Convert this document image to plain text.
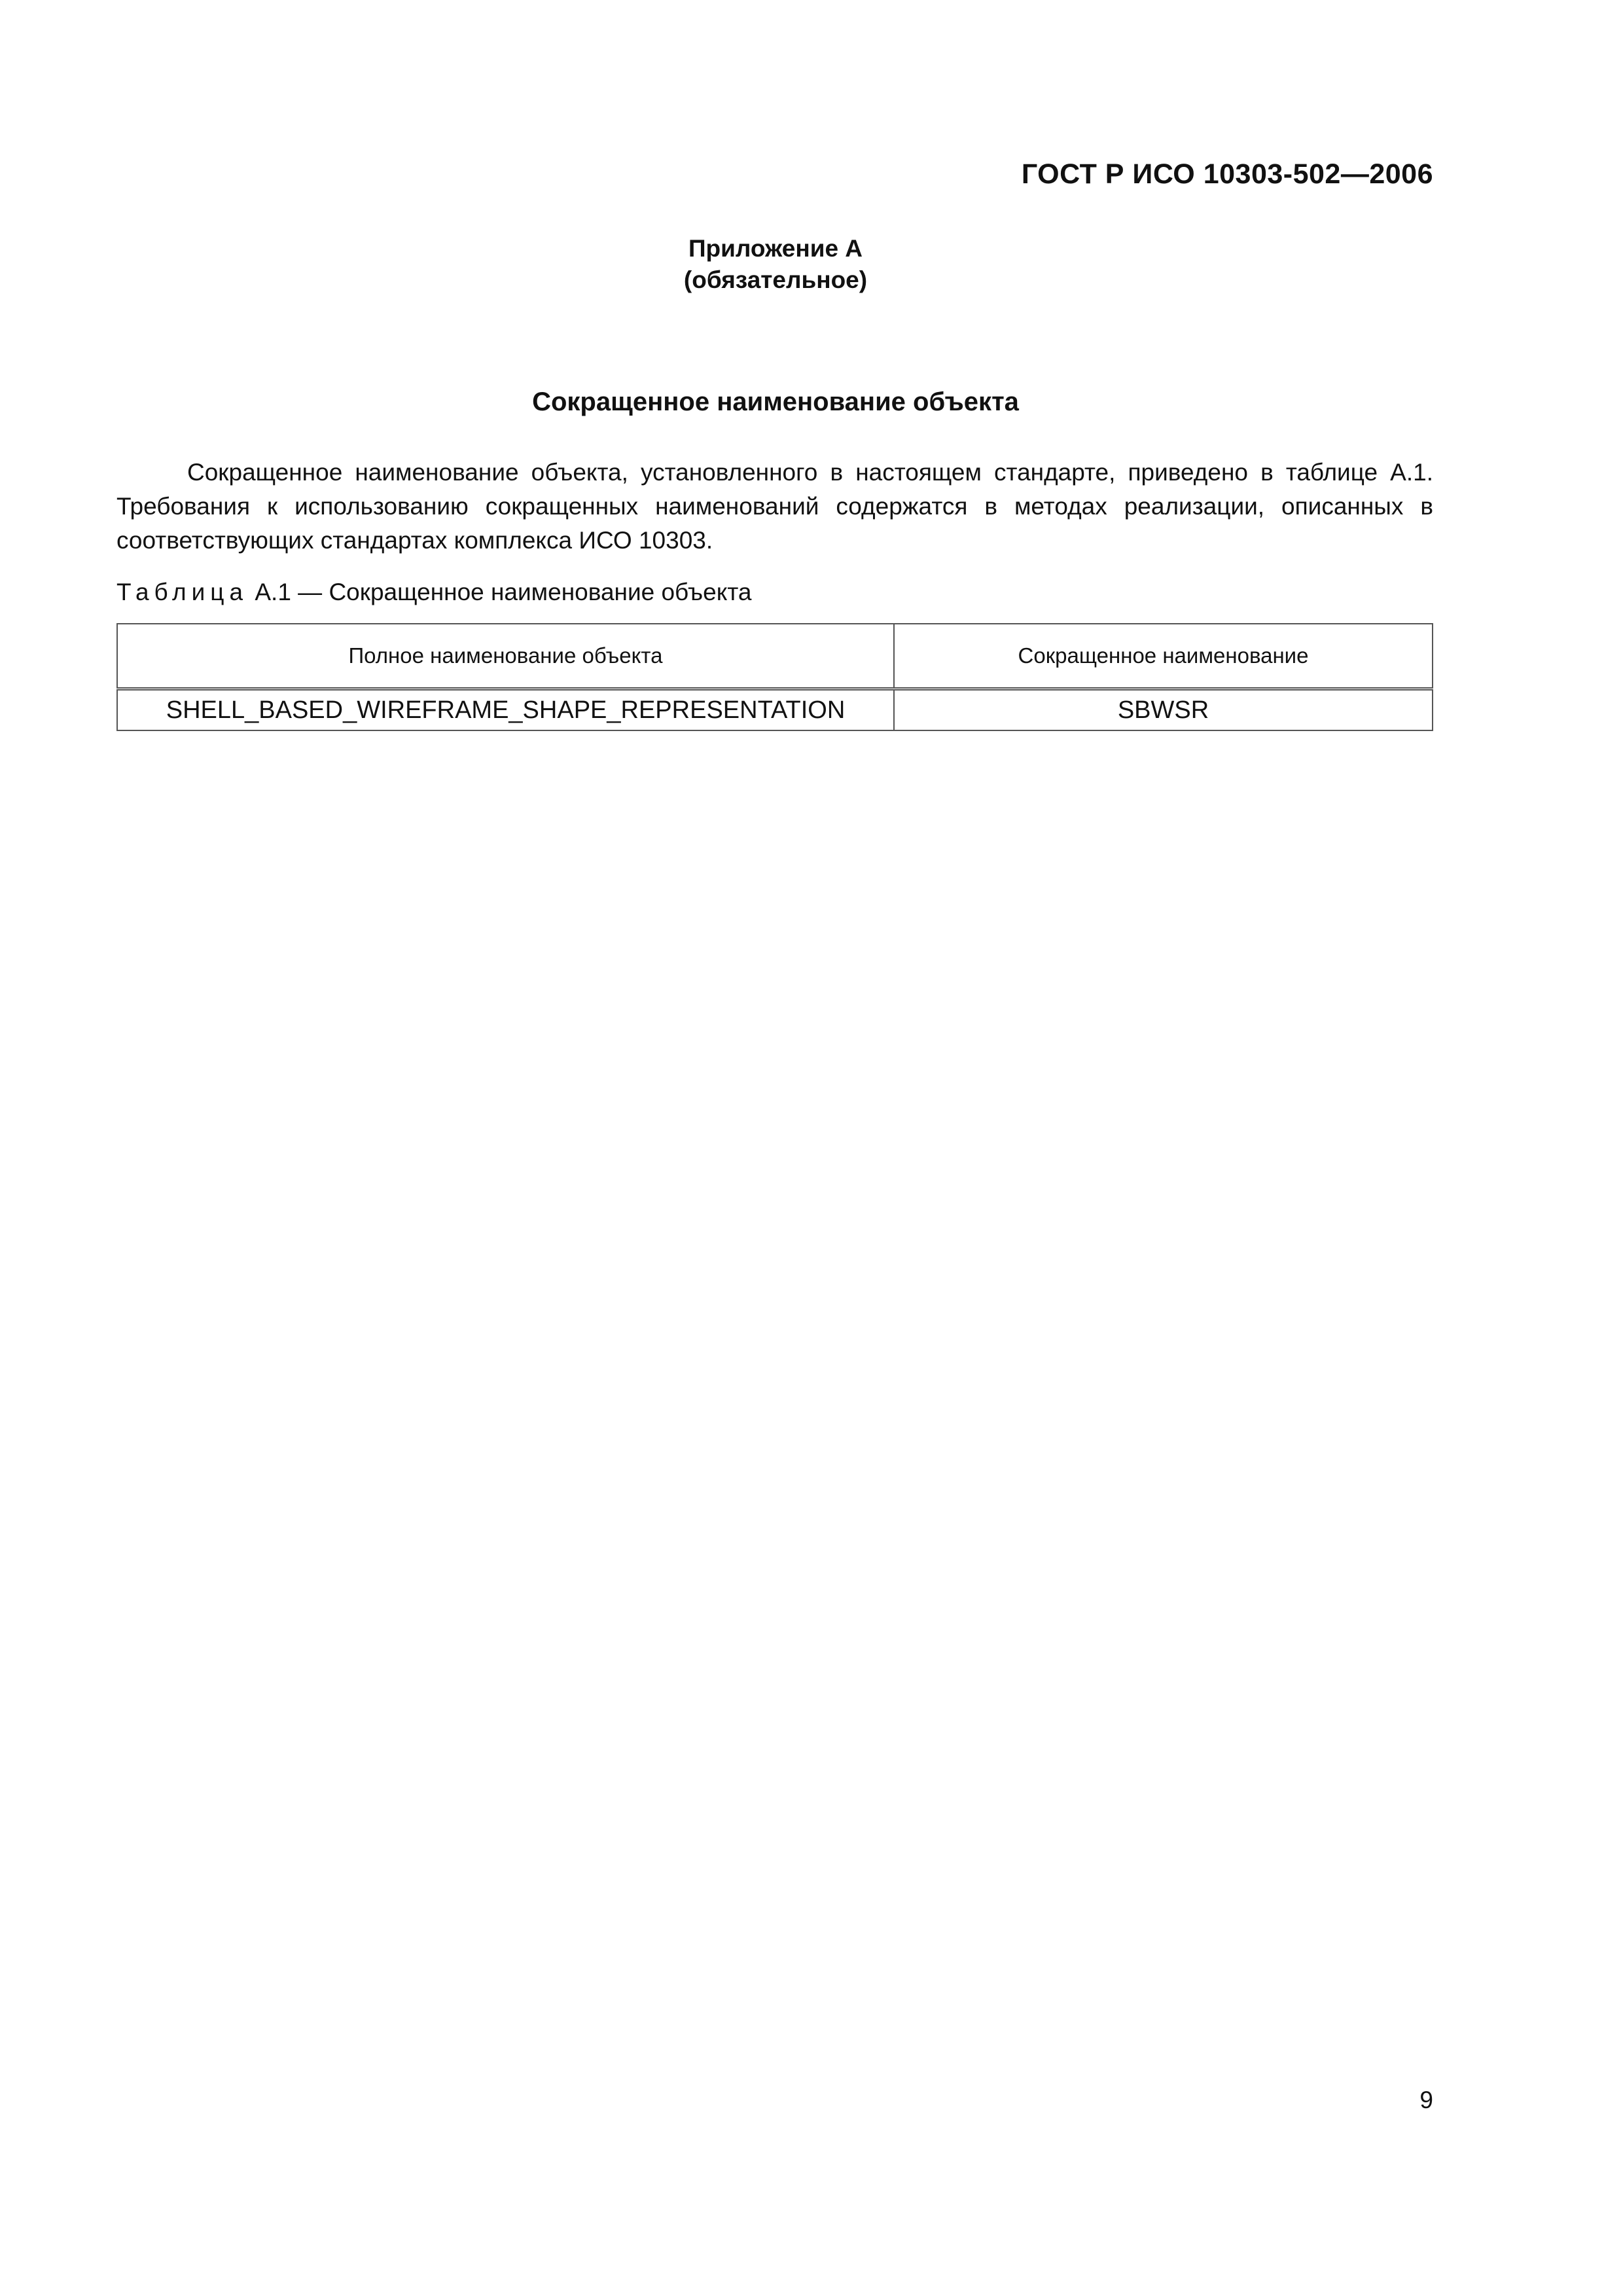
ГОСТ Р ИСО 10303-502—2006
Приложение А
(обязательное)
Сокращенное наименование объекта

Сокращенное наименование объекта, установленного в настоящем стандарте, приведено в таблице А.1. Требования к использованию сокращенных наименований содержатся в методах реализации, описанных в соответствующих стандартах комплекса ИСО 10303.

Таблица А.1 — Сокращенное наименование объекта
Полное наименование объекта	Сокращенное наименование
SHELL_BASED_WIREFRAME_SHAPE_REPRESENTATION	SBWSR
9
